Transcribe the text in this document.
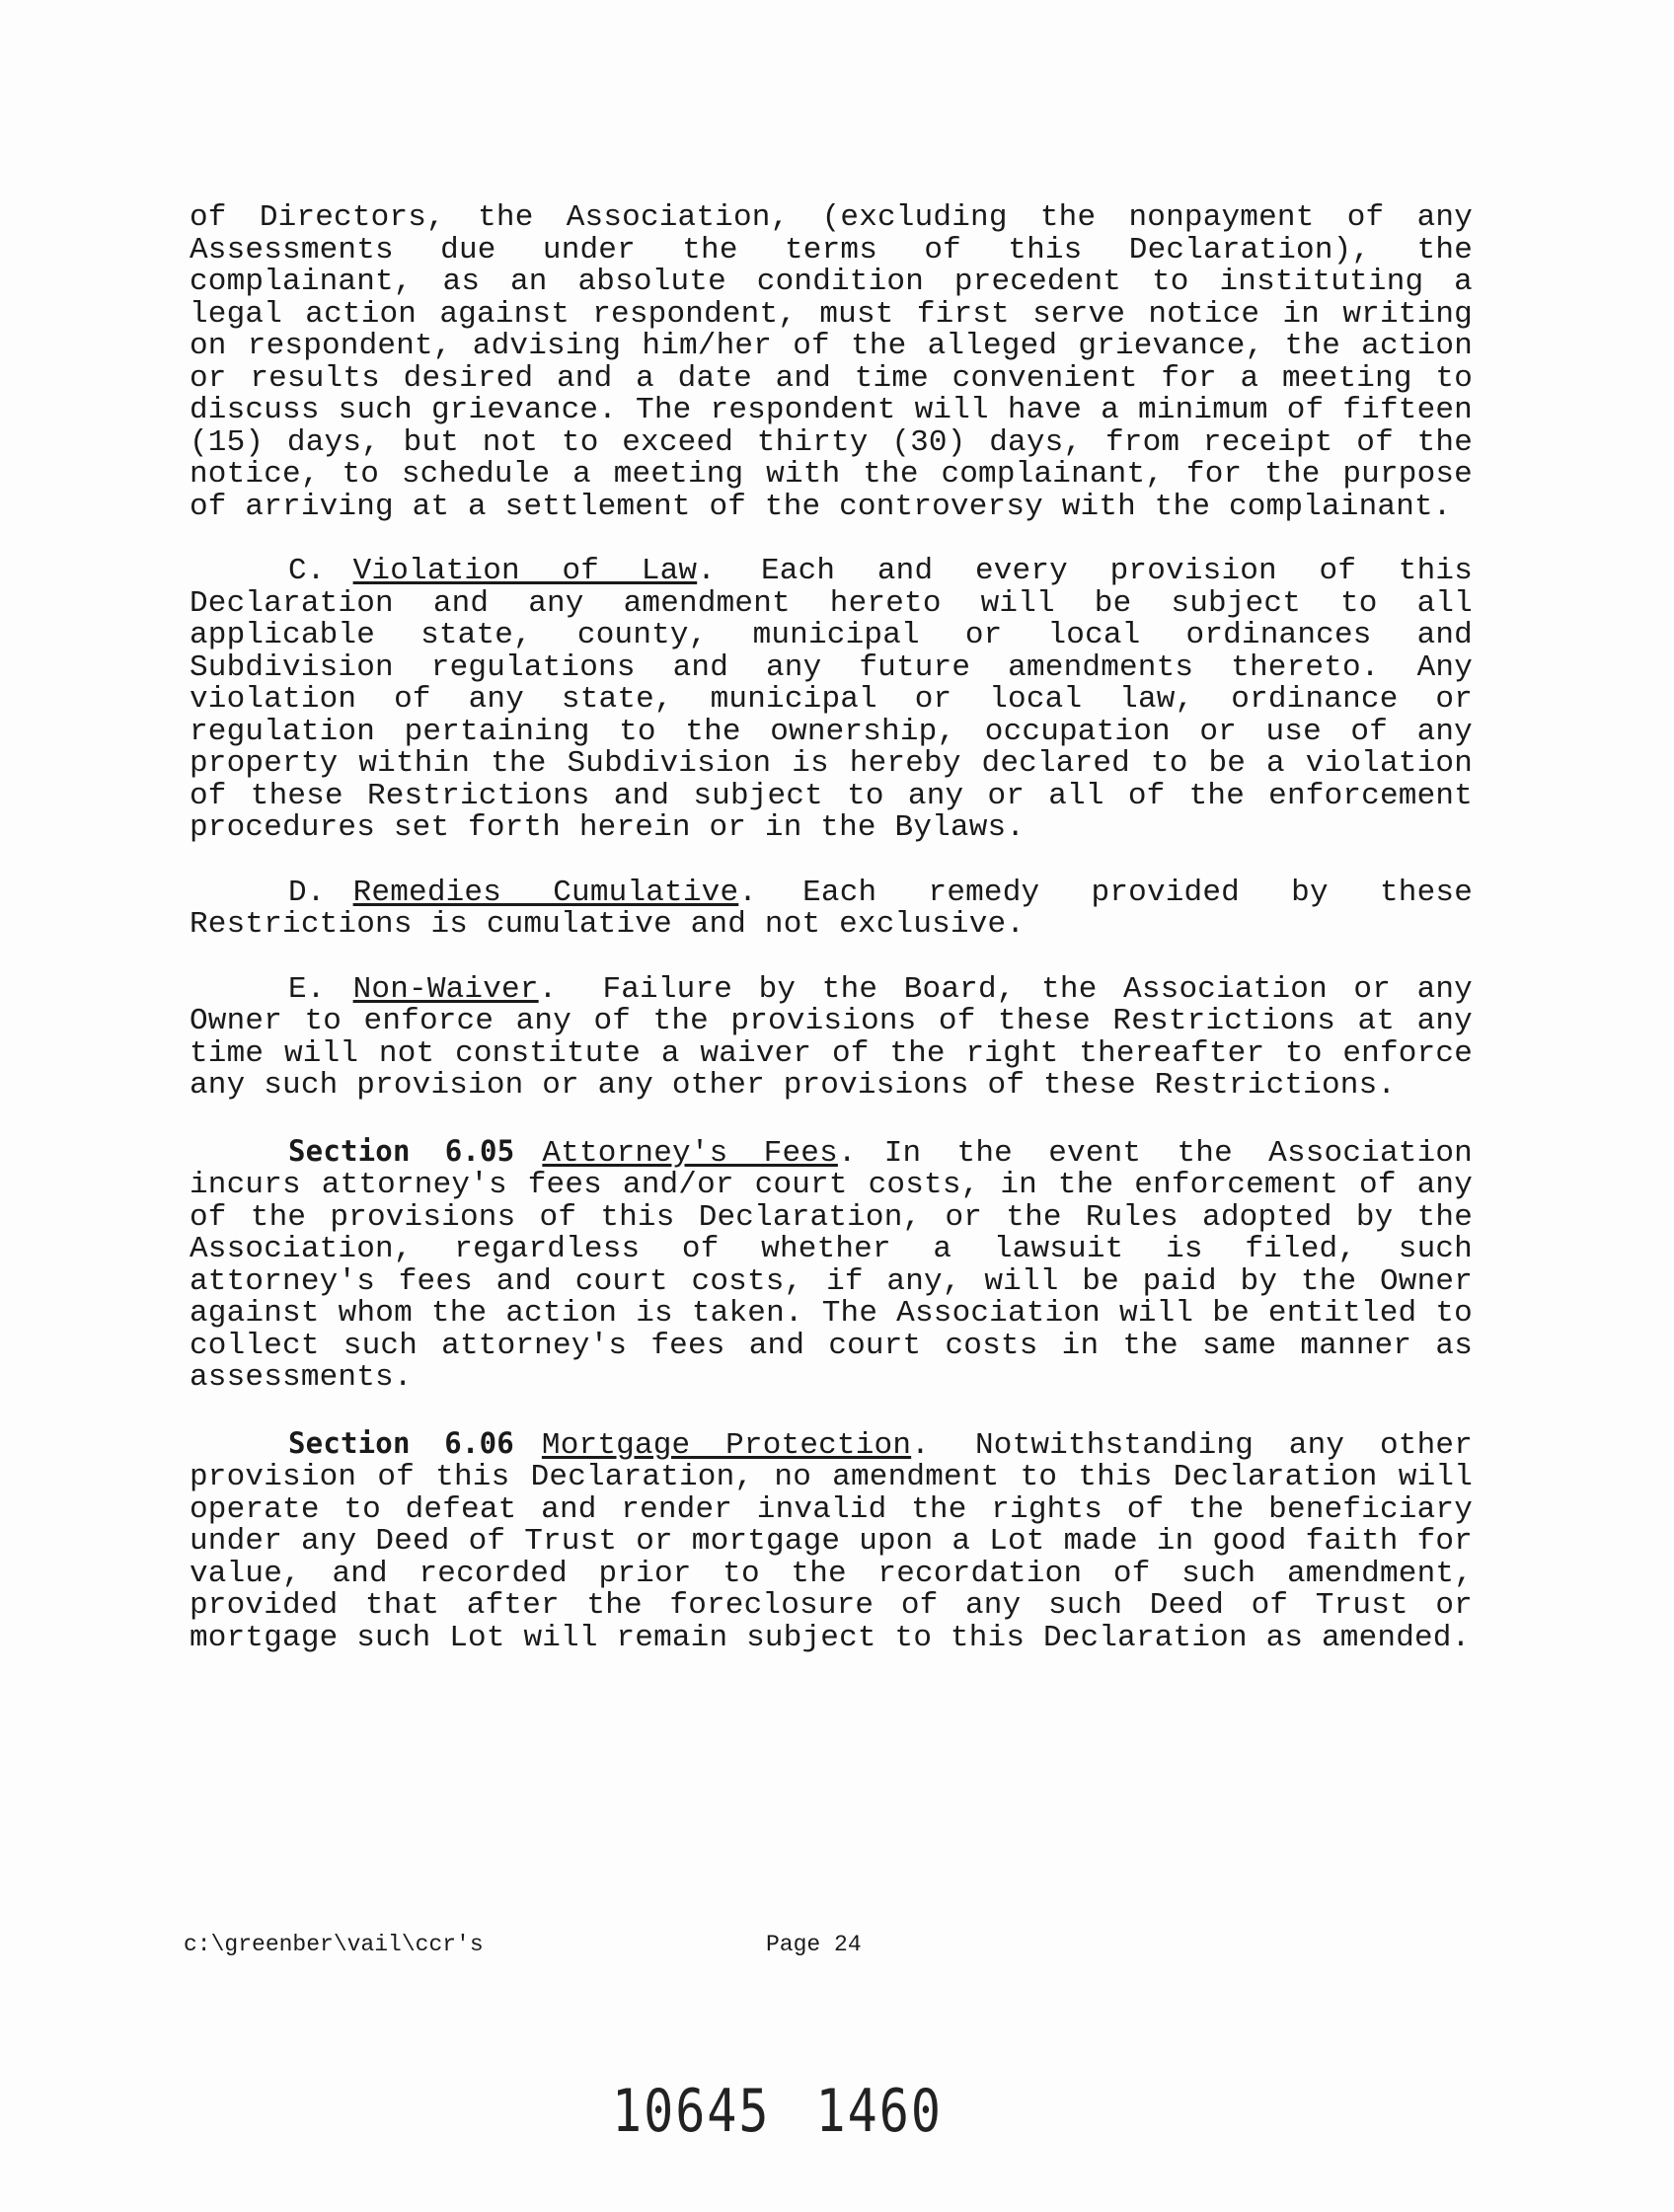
of Directors, the Association, (excluding the nonpayment of any Assessments due under the terms of this Declaration), the complainant, as an absolute condition precedent to instituting a legal action against respondent, must first serve notice in writing on respondent, advising him/her of the alleged grievance, the action or results desired and a date and time convenient for a meeting to discuss such grievance. The respondent will have a minimum of fifteen (15) days, but not to exceed thirty (30) days, from receipt of the notice, to schedule a meeting with the complainant, for the purpose of arriving at a settlement of the controversy with the complainant.

C. Violation of Law. Each and every provision of this Declaration and any amendment hereto will be subject to all applicable state, county, municipal or local ordinances and Subdivision regulations and any future amendments thereto. Any violation of any state, municipal or local law, ordinance or regulation pertaining to the ownership, occupation or use of any property within the Subdivision is hereby declared to be a violation of these Restrictions and subject to any or all of the enforcement procedures set forth herein or in the Bylaws.

D. Remedies Cumulative. Each remedy provided by these Restrictions is cumulative and not exclusive.

E. Non-Waiver. Failure by the Board, the Association or any Owner to enforce any of the provisions of these Restrictions at any time will not constitute a waiver of the right thereafter to enforce any such provision or any other provisions of these Restrictions.

Section 6.05 Attorney's Fees. In the event the Association incurs attorney's fees and/or court costs, in the enforcement of any of the provisions of this Declaration, or the Rules adopted by the Association, regardless of whether a lawsuit is filed, such attorney's fees and court costs, if any, will be paid by the Owner against whom the action is taken. The Association will be entitled to collect such attorney's fees and court costs in the same manner as assessments.

Section 6.06 Mortgage Protection. Notwithstanding any other provision of this Declaration, no amendment to this Declaration will operate to defeat and render invalid the rights of the beneficiary under any Deed of Trust or mortgage upon a Lot made in good faith for value, and recorded prior to the recordation of such amendment, provided that after the foreclosure of any such Deed of Trust or mortgage such Lot will remain subject to this Declaration as amended.

c:\greenber\vail\ccr's	Page 24
10645 1460
